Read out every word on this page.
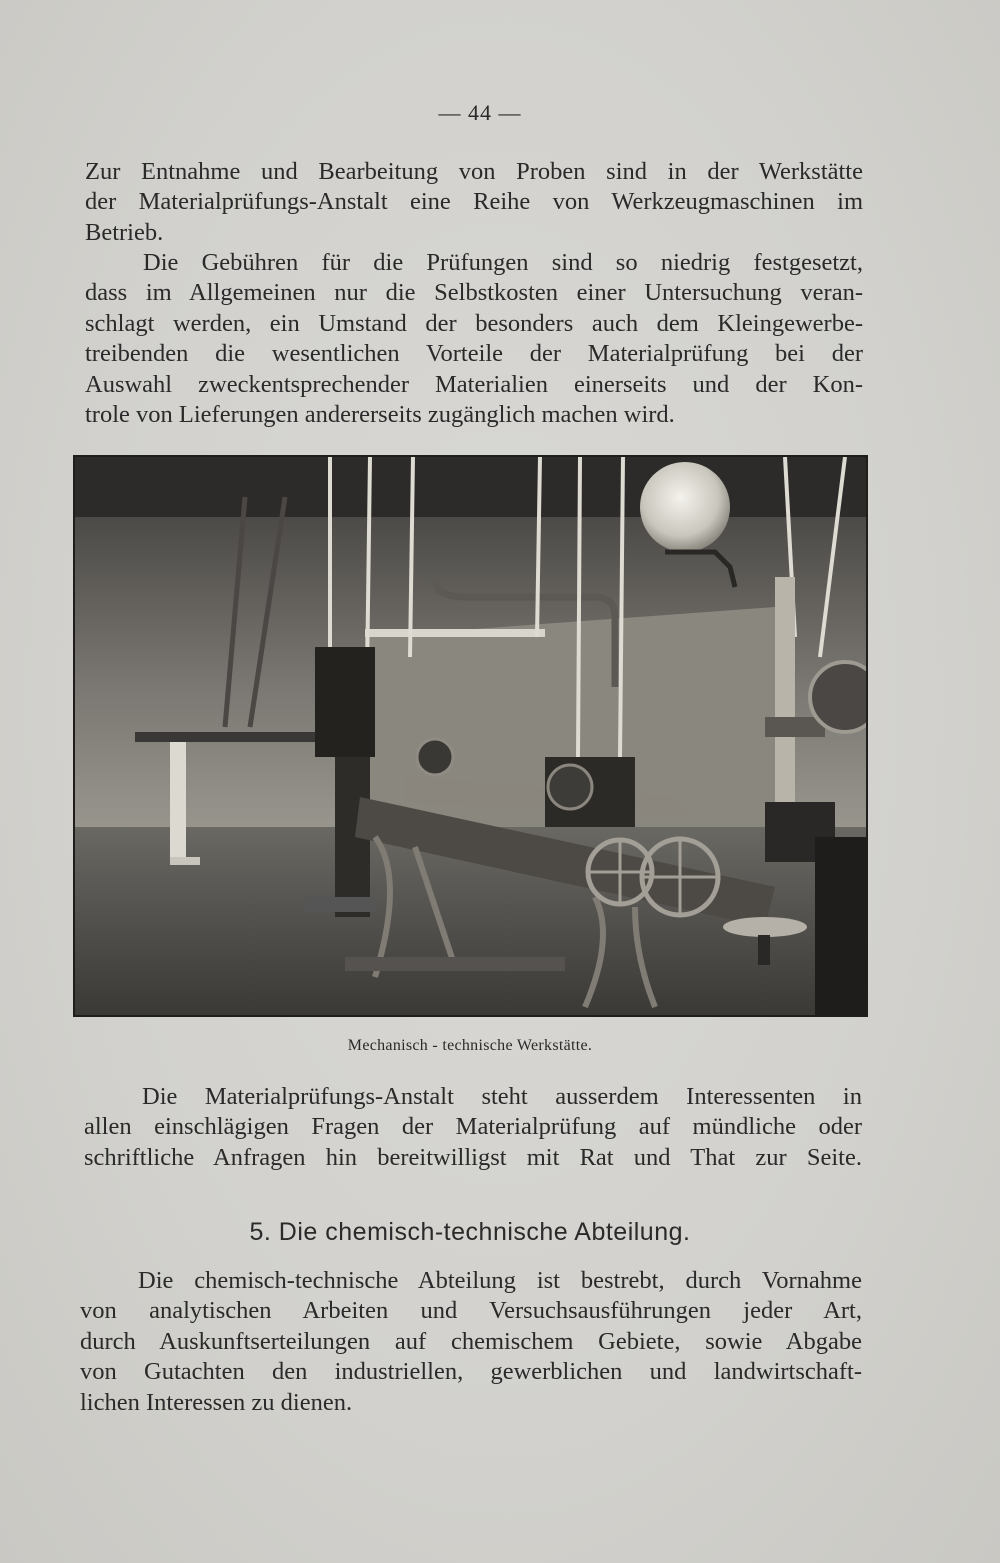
— 44 —

Zur Entnahme und Bearbeitung von Proben sind in der Werkstätte
der Materialprüfungs-Anstalt eine Reihe von Werkzeugmaschinen im
Betrieb.

Die Gebühren für die Prüfungen sind so niedrig festgesetzt,
dass im Allgemeinen nur die Selbstkosten einer Untersuchung veran-
schlagt werden, ein Umstand der besonders auch dem Kleingewerbe-
treibenden die wesentlichen Vorteile der Materialprüfung bei der
Auswahl zweckentsprechender Materialien einerseits und der Kon-
trole von Lieferungen andererseits zugänglich machen wird.

Mechanisch - technische Werkstätte.

Die Materialprüfungs-Anstalt steht ausserdem Interessenten in
allen einschlägigen Fragen der Materialprüfung auf mündliche oder
schriftliche Anfragen hin bereitwilligst mit Rat und That zur Seite.

5. Die chemisch-technische Abteilung.

Die chemisch-technische Abteilung ist bestrebt, durch Vornahme
von analytischen Arbeiten und Versuchsausführungen jeder Art,
durch Auskunftserteilungen auf chemischem Gebiete, sowie Abgabe
von Gutachten den industriellen, gewerblichen und landwirtschaft-
lichen Interessen zu dienen.
